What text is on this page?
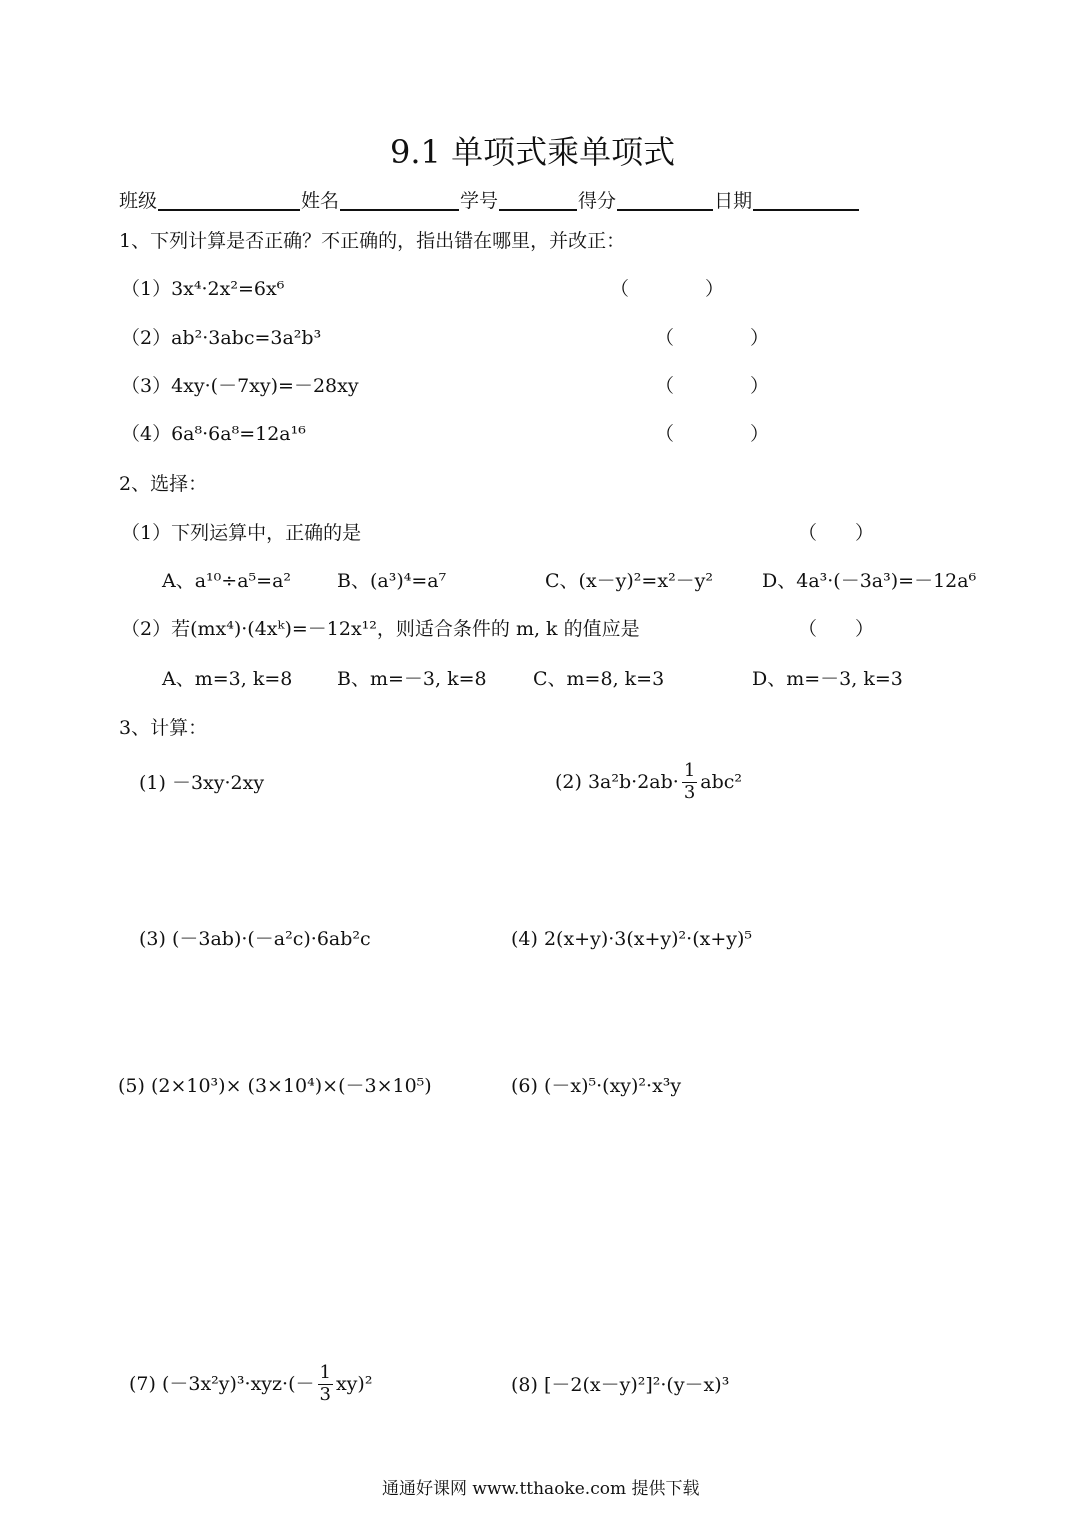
9.1 单项式乘单项式
班级	姓名	学号	得分	日期
1、下列计算是否正确？不正确的，指出错在哪里，并改正：
（1）3x⁴·2x²=6x⁶	（　　　　）
（2）ab²·3abc=3a²b³	（　　　　）
（3）4xy·(－7xy)=－28xy	（　　　　）
（4）6a⁸·6a⁸=12a¹⁶	（　　　　）
2、选择：
（1）下列运算中，正确的是	（　　）
A、a¹⁰÷a⁵=a² B、(a³)⁴=a⁷	C、(x－y)²=x²－y²	D、4a³·(－3a³)=－12a⁶
（2）若(mx⁴)·(4xᵏ)=－12x¹²，则适合条件的 m, k 的值应是	（　　）
A、m=3, k=8 B、m=－3, k=8 C、m=8, k=3	D、m=－3, k=3
3、计算：
(1) －3xy·2xy	(2) $3a^2b\cdot 2ab\cdot \frac{1}{3} abc^2$
(3) (－3ab)·(－a²c)·6ab²c	(4) 2(x+y)·3(x+y)²·(x+y)⁵
(5) (2×10³)× (3×10⁴)×(－3×10⁵)	(6) (－x)⁵·(xy)²·x³y
(7) $(-3x^2y)^3\cdot xyz\cdot(- \frac{1}{3} xy)^2$	(8) [－2(x－y)²]²·(y－x)³
通通好课网 www.tthaoke.com 提供下载
